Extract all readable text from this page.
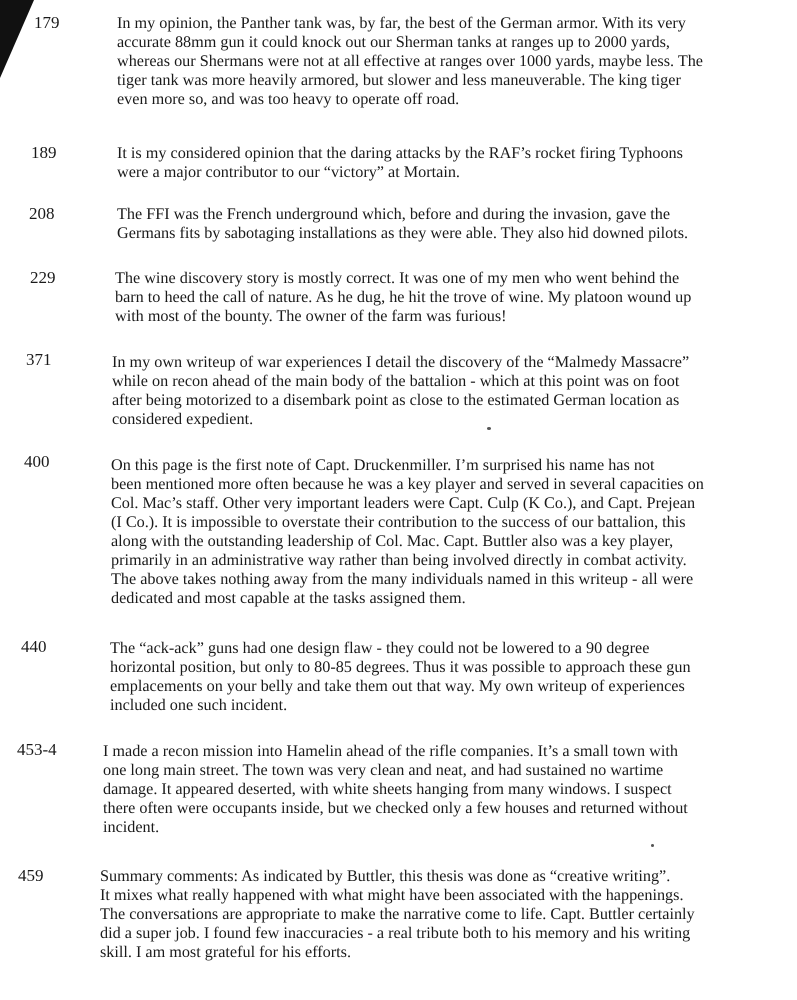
179	In my opinion, the Panther tank was, by far, the best of the German armor. With its very
accurate 88mm gun it could knock out our Sherman tanks at ranges up to 2000 yards,
whereas our Shermans were not at all effective at ranges over 1000 yards, maybe less. The
tiger tank was more heavily armored, but slower and less maneuverable. The king tiger
even more so, and was too heavy to operate off road.
189	It is my considered opinion that the daring attacks by the RAF’s rocket firing Typhoons
were a major contributor to our “victory” at Mortain.
208	The FFI was the French underground which, before and during the invasion, gave the
Germans fits by sabotaging installations as they were able. They also hid downed pilots.
229	The wine discovery story is mostly correct. It was one of my men who went behind the
barn to heed the call of nature. As he dug, he hit the trove of wine. My platoon wound up
with most of the bounty. The owner of the farm was furious!
371	In my own writeup of war experiences I detail the discovery of the “Malmedy Massacre”
while on recon ahead of the main body of the battalion - which at this point was on foot
after being motorized to a disembark point as close to the estimated German location as
considered expedient.
400	On this page is the first note of Capt. Druckenmiller. I’m surprised his name has not
been mentioned more often because he was a key player and served in several capacities on
Col. Mac’s staff. Other very important leaders were Capt. Culp (K Co.), and Capt. Prejean
(I Co.). It is impossible to overstate their contribution to the success of our battalion, this
along with the outstanding leadership of Col. Mac. Capt. Buttler also was a key player,
primarily in an administrative way rather than being involved directly in combat activity.
The above takes nothing away from the many individuals named in this writeup - all were
dedicated and most capable at the tasks assigned them.
440	The “ack-ack” guns had one design flaw - they could not be lowered to a 90 degree
horizontal position, but only to 80-85 degrees. Thus it was possible to approach these gun
emplacements on your belly and take them out that way. My own writeup of experiences
included one such incident.
453-4	I made a recon mission into Hamelin ahead of the rifle companies. It’s a small town with
one long main street. The town was very clean and neat, and had sustained no wartime
damage. It appeared deserted, with white sheets hanging from many windows. I suspect
there often were occupants inside, but we checked only a few houses and returned without
incident.
459	Summary comments: As indicated by Buttler, this thesis was done as “creative writing”.
It mixes what really happened with what might have been associated with the happenings.
The conversations are appropriate to make the narrative come to life. Capt. Buttler certainly
did a super job. I found few inaccuracies - a real tribute both to his memory and his writing
skill. I am most grateful for his efforts.
